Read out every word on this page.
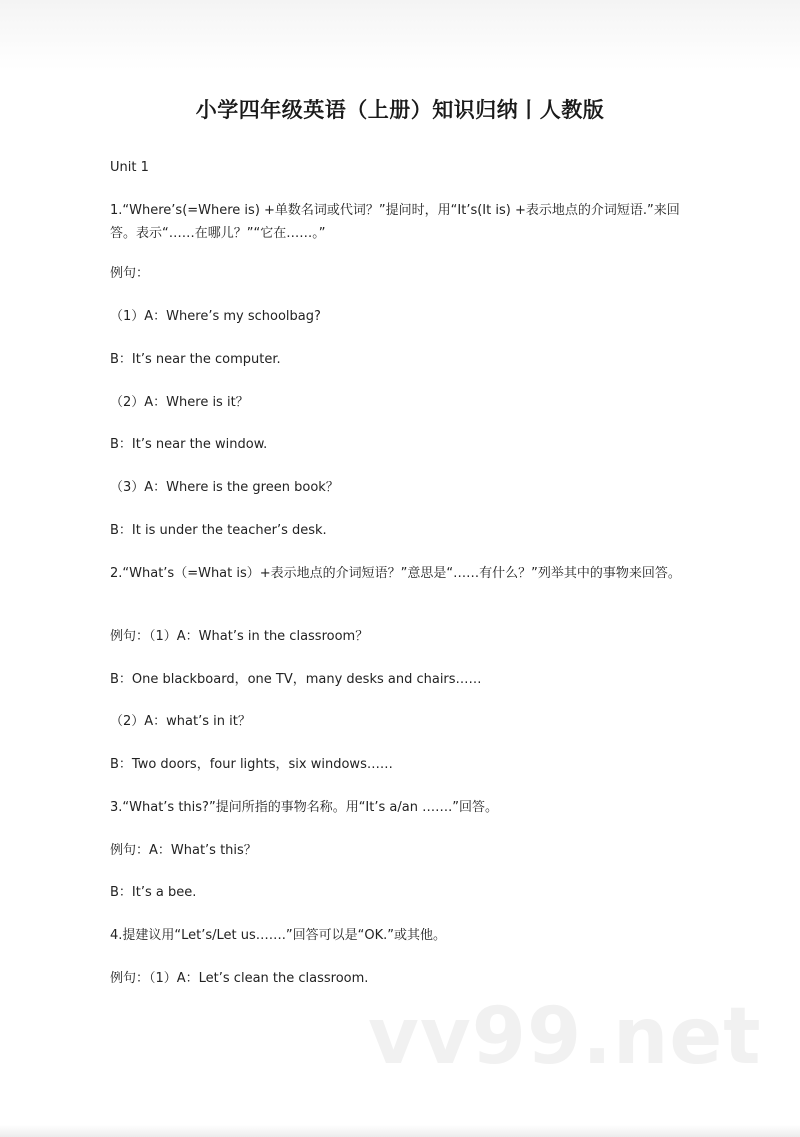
小学四年级英语（上册）知识归纳丨人教版
Unit 1
1.“Where’s(=Where is) +单数名词或代词？”提问时，用“It’s(It is) +表示地点的介词短语.”来回答。表示“……在哪儿？”“它在……。”
例句：
（1）A：Where’s my schoolbag?
B：It’s near the computer.
（2）A：Where is it？
B：It’s near the window.
（3）A：Where is the green book？
B：It is under the teacher’s desk.
2.“What’s（=What is）+表示地点的介词短语？”意思是“……有什么？”列举其中的事物来回答。
例句：（1）A：What’s in the classroom？
B：One blackboard，one TV，many desks and chairs……
（2）A：what’s in it？
B：Two doors，four lights，six windows……
3.“What’s this?”提问所指的事物名称。用“It’s a/an …….”回答。
例句：A：What’s this？
B：It’s a bee.
4.提建议用“Let’s/Let us…….”回答可以是“OK.”或其他。
例句：（1）A：Let’s clean the classroom.
vv99.net
